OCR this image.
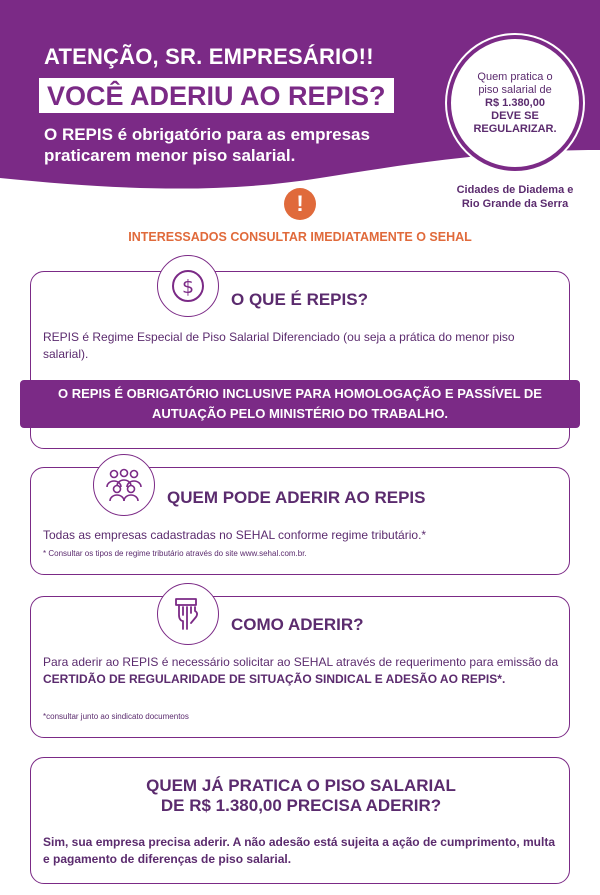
ATENÇÃO, SR. EMPRESÁRIO!!
VOCÊ ADERIU AO REPIS?
O REPIS é obrigatório para as empresas praticarem menor piso salarial.
Quem pratica o
piso salarial de
R$ 1.380,00
DEVE SE
REGULARIZAR.
Cidades de Diadema e
Rio Grande da Serra
!
INTERESSADOS CONSULTAR IMEDIATAMENTE O SEHAL
$
O QUE É REPIS?
REPIS é Regime Especial de Piso Salarial Diferenciado (ou seja a prática do menor piso salarial).
O REPIS É OBRIGATÓRIO INCLUSIVE PARA HOMOLOGAÇÃO E PASSÍVEL DE
AUTUAÇÃO PELO MINISTÉRIO DO TRABALHO.
QUEM PODE ADERIR AO REPIS
Todas as empresas cadastradas no SEHAL conforme regime tributário.*
* Consultar os tipos de regime tributário através do site www.sehal.com.br.
COMO ADERIR?
Para aderir ao REPIS é necessário solicitar ao SEHAL através de requerimento para emissão da CERTIDÃO DE REGULARIDADE DE SITUAÇÃO SINDICAL E ADESÃO AO REPIS*.
*consultar junto ao sindicato documentos
QUEM JÁ PRATICA O PISO SALARIAL
DE R$ 1.380,00 PRECISA ADERIR?
Sim, sua empresa precisa aderir. A não adesão está sujeita a ação de cumprimento, multa e pagamento de diferenças de piso salarial.
